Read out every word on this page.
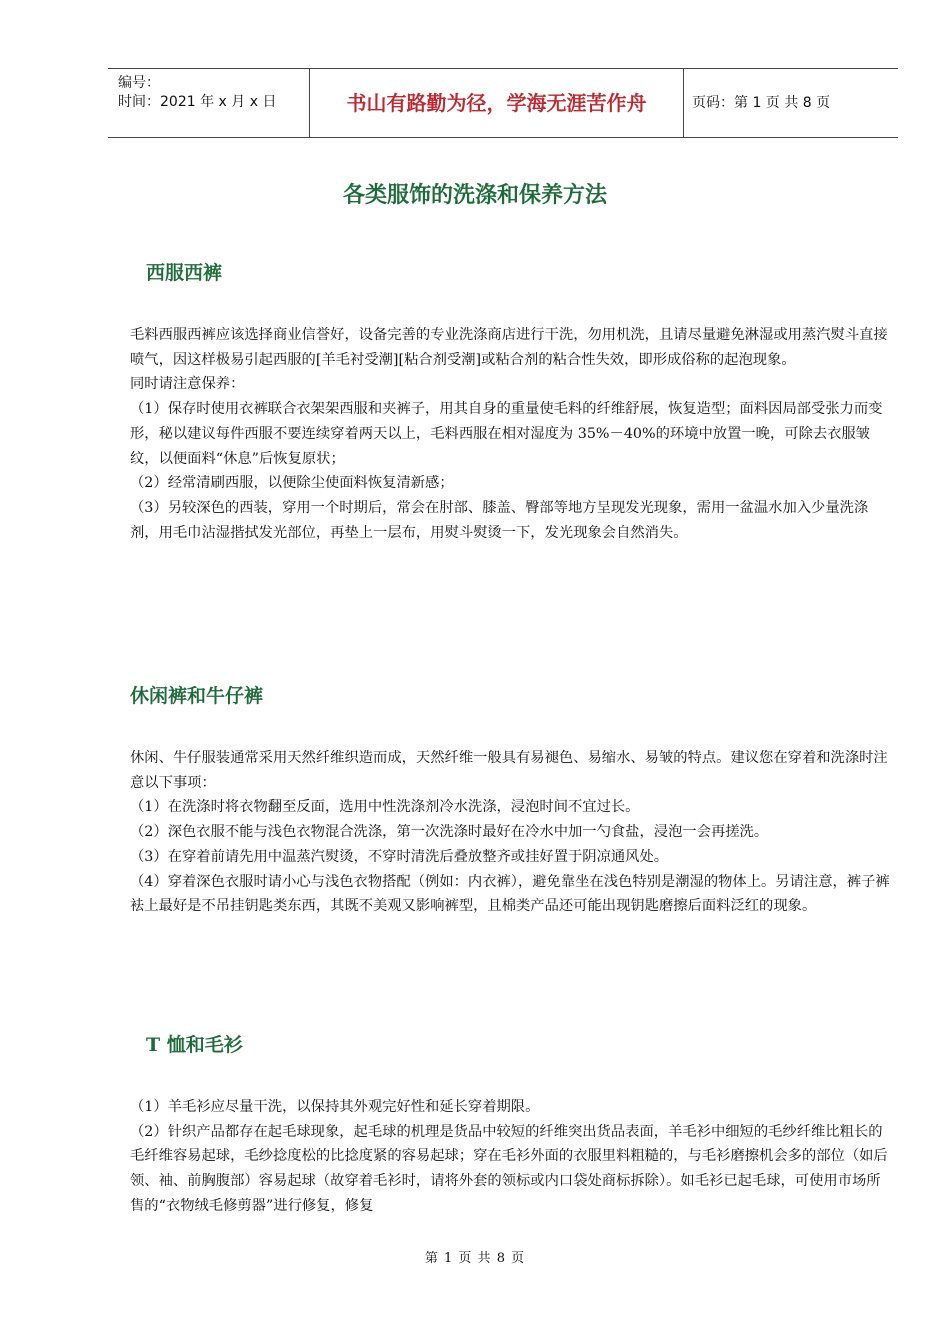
编号：
时间：2021 年 x 月 x 日	书山有路勤为径，学海无涯苦作舟	页码：第 1 页 共 8 页
各类服饰的洗涤和保养方法
西服西裤

毛料西服西裤应该选择商业信誉好，设备完善的专业洗涤商店进行干洗，勿用机洗，且请尽量避免淋湿或用蒸汽熨斗直接喷气，因这样极易引起西服的[羊毛衬受潮][粘合剂受潮]或粘合剂的粘合性失效，即形成俗称的起泡现象。

同时请注意保养：

（1）保存时使用衣裤联合衣架架西服和夹裤子，用其自身的重量使毛料的纤维舒展，恢复造型；面料因局部受张力而变形，秘以建议每件西服不要连续穿着两天以上，毛料西服在相对湿度为 35%－40%的环境中放置一晚，可除去衣服皱纹，以便面料“休息”后恢复原状；

（2）经常清刷西服，以便除尘使面料恢复清新感；

（3）另较深色的西装，穿用一个时期后，常会在肘部、膝盖、臀部等地方呈现发光现象，需用一盆温水加入少量洗涤剂，用毛巾沾湿揩拭发光部位，再垫上一层布，用熨斗熨烫一下，发光现象会自然消失。

休闲裤和牛仔裤

休闲、牛仔服装通常采用天然纤维织造而成，天然纤维一般具有易褪色、易缩水、易皱的特点。建议您在穿着和洗涤时注意以下事项：

（1）在洗涤时将衣物翻至反面，选用中性洗涤剂冷水洗涤，浸泡时间不宜过长。

（2）深色衣服不能与浅色衣物混合洗涤，第一次洗涤时最好在冷水中加一勺食盐，浸泡一会再搓洗。

（3）在穿着前请先用中温蒸汽熨烫，不穿时清洗后叠放整齐或挂好置于阴凉通风处。

（4）穿着深色衣服时请小心与浅色衣物搭配（例如：内衣裤），避免靠坐在浅色特别是潮湿的物体上。另请注意，裤子裤袪上最好是不吊挂钥匙类东西，其既不美观又影响裤型，且棉类产品还可能出现钥匙磨擦后面料泛红的现象。

T 恤和毛衫

（1）羊毛衫应尽量干洗，以保持其外观完好性和延长穿着期限。

（2）针织产品都存在起毛球现象，起毛球的机理是货品中较短的纤维突出货品表面，羊毛衫中细短的毛纱纤维比粗长的毛纤维容易起球，毛纱捻度松的比捻度紧的容易起球；穿在毛衫外面的衣服里料粗糙的，与毛衫磨擦机会多的部位（如后领、袖、前胸腹部）容易起球（故穿着毛衫时，请将外套的领标或内口袋处商标拆除）。如毛衫已起毛球，可使用市场所售的“衣物绒毛修剪器”进行修复，修复

第 1 页 共 8 页
